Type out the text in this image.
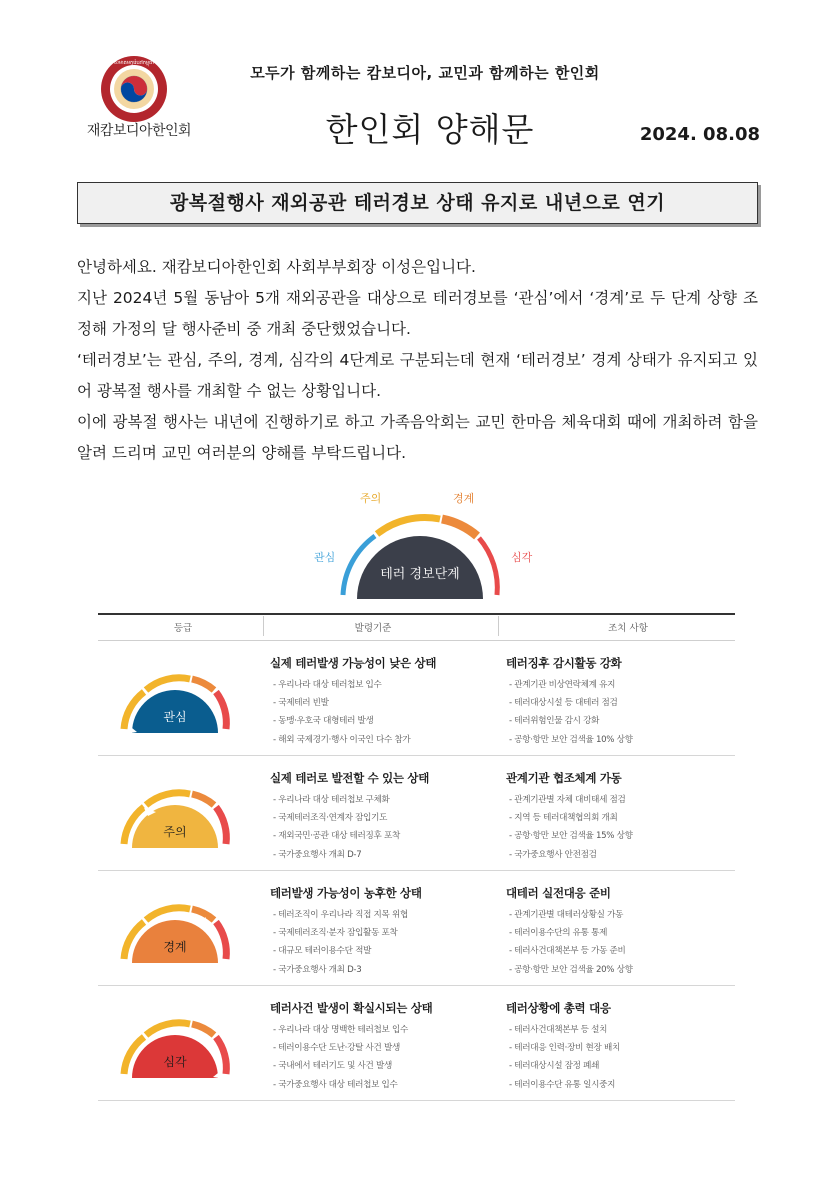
សមាគមកូរ៉េនៅកម្ពុជា
재캄보디아한인회
모두가 함께하는 캄보디아, 교민과 함께하는 한인회
한인회 양해문	2024. 08.08
광복절행사 재외공관 테러경보 상태 유지로 내년으로 연기

안녕하세요. 재캄보디아한인회 사회부부회장 이성은입니다.

지난 2024년 5월 동남아 5개 재외공관을 대상으로 테러경보를 ‘관심’에서 ‘경계’로 두 단계 상향 조정해 가정의 달 행사준비 중 개최 중단했었습니다.

‘테러경보’는 관심, 주의, 경계, 심각의 4단계로 구분되는데 현재 ‘테러경보’ 경계 상태가 유지되고 있어 광복절 행사를 개최할 수 없는 상황입니다.

이에 광복절 행사는 내년에 진행하기로 하고 가족음악회는 교민 한마음 체육대회 때에 개최하려 함을 알려 드리며 교민 여러분의 양해를 부탁드립니다.

테러 경보단계
관심
주의	경계
심각
등급	발령기준	조치 사항
관심
실제 테러발생 가능성이 낮은 상태
- 우리나라 대상 테러첩보 입수
- 국제테러 빈발
- 동맹·우호국 대형테러 발생
- 해외 국제경기·행사 이국인 다수 참가
테러징후 감시활동 강화
- 관계기관 비상연락체계 유지
- 테러대상시설 등 대테러 점검
- 테러위험인물 감시 강화
- 공항·항만 보안 검색율 10% 상향
주의
실제 테러로 발전할 수 있는 상태
- 우리나라 대상 테러첩보 구체화
- 국제테러조직·연계자 잠입기도
- 재외국민·공관 대상 테러징후 포착
- 국가중요행사 개최 D-7
관계기관 협조체계 가동
- 관계기관별 자체 대비태세 점검
- 지역 등 테러대책협의회 개최
- 공항·항만 보안 검색율 15% 상향
- 국가중요행사 안전점검
경계
테러발생 가능성이 농후한 상태
- 테러조직이 우리나라 직접 지목 위협
- 국제테러조직·분자 잠입활동 포착
- 대규모 테러이용수단 적발
- 국가중요행사 개최 D-3
대테러 실전대응 준비
- 관계기관별 대테러상황실 가동
- 테러이용수단의 유통 통제
- 테러사건대책본부 등 가동 준비
- 공항·항만 보안 검색율 20% 상향
심각
테러사건 발생이 확실시되는 상태
- 우리나라 대상 명백한 테러첩보 입수
- 테러이용수단 도난·강탈 사건 발생
- 국내에서 테러기도 및 사건 발생
- 국가중요행사 대상 테러첩보 입수
테러상황에 총력 대응
- 테러사건대책본부 등 설치
- 테러대응 인력·장비 현장 배치
- 테러대상시설 잠정 폐쇄
- 테러이용수단 유통 일시중지
